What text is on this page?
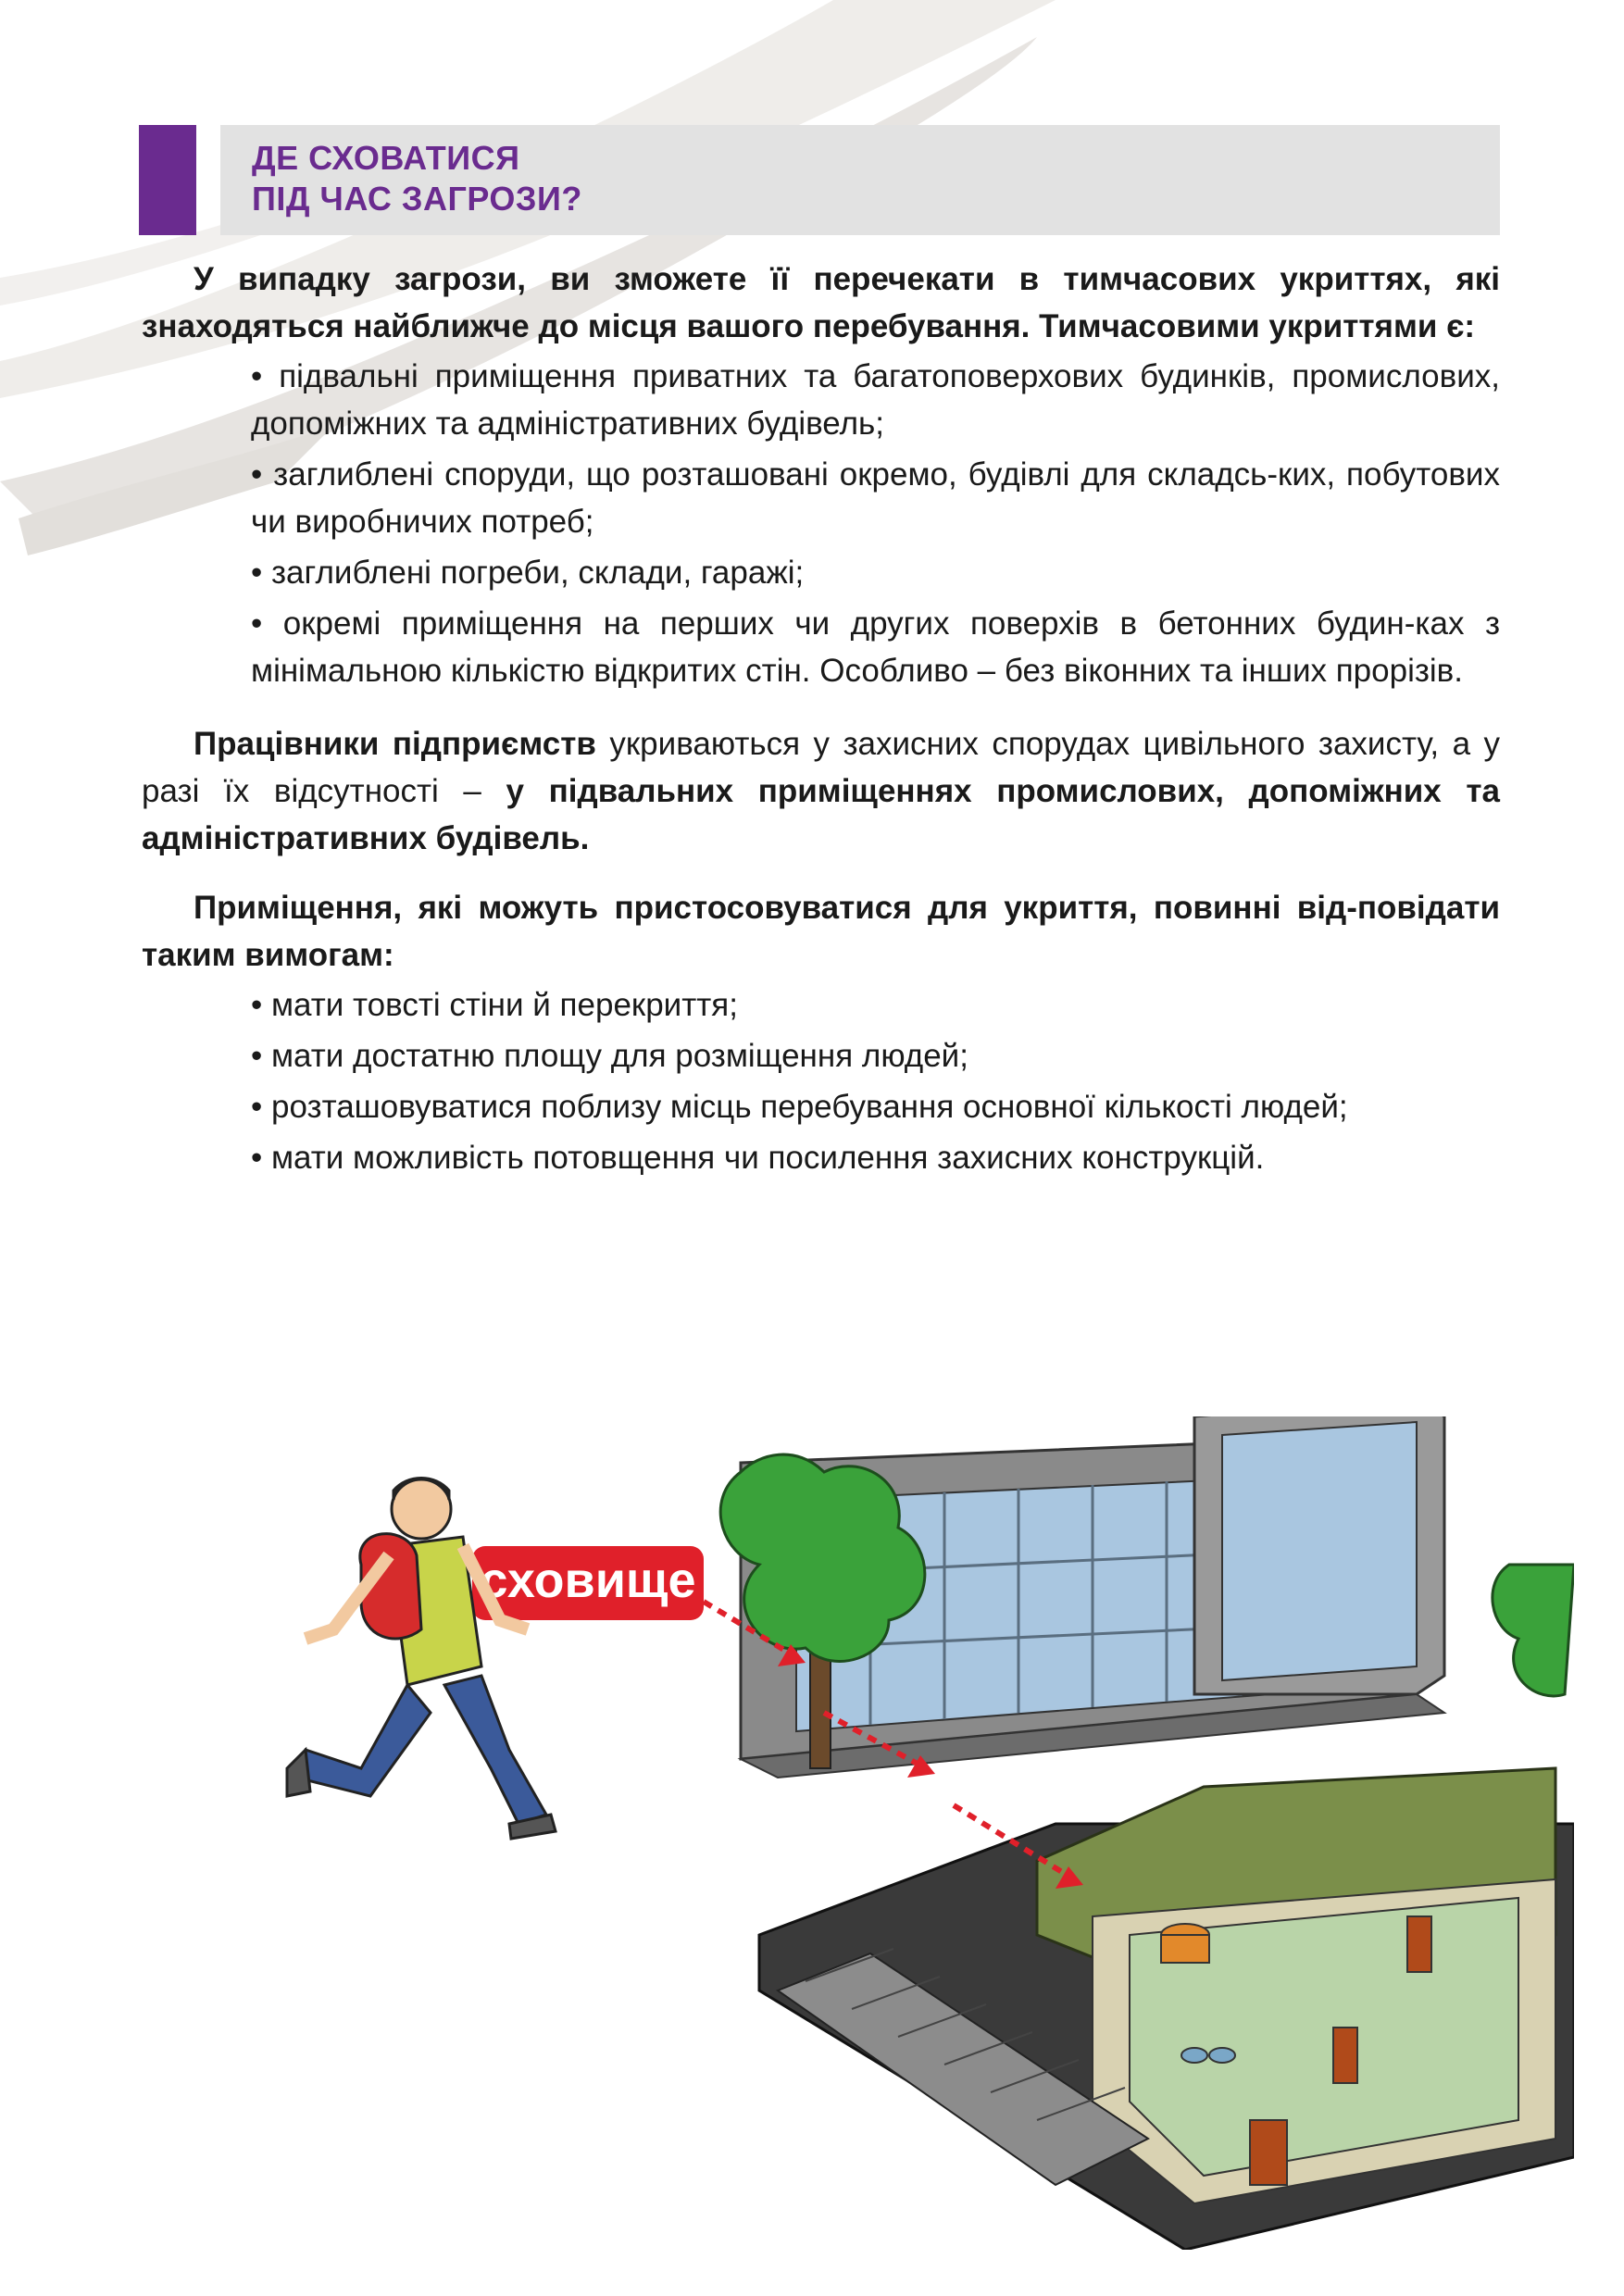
ДЕ СХОВАТИСЯ
ПІД ЧАС ЗАГРОЗИ?

У випадку загрози, ви зможете її перечекати в тимчасових укриттях, які знаходяться найближче до місця вашого перебування. Тимчасовими укриттями є:

• підвальні приміщення приватних та багатоповерхових будинків, промислових, допоміжних та адміністративних будівель;
• заглиблені споруди, що розташовані окремо, будівлі для складсь-ких, побутових чи виробничих потреб;
• заглиблені погреби, склади, гаражі;
• окремі приміщення на перших чи других поверхів в бетонних будин-ках з мінімальною кількістю відкритих стін. Особливо – без віконних та інших прорізів.

Працівники підприємств укриваються у захисних спорудах цивільного захисту, а у разі їх відсутності – у підвальних приміщеннях промислових, допоміжних та адміністративних будівель.

Приміщення, які можуть пристосовуватися для укриття, повинні від-повідати таким вимогам:

• мати товсті стіни й перекриття;
• мати достатню площу для розміщення людей;
• розташовуватися поблизу місць перебування основної кількості людей;
• мати можливість потовщення чи посилення захисних конструкцій.
сховище
